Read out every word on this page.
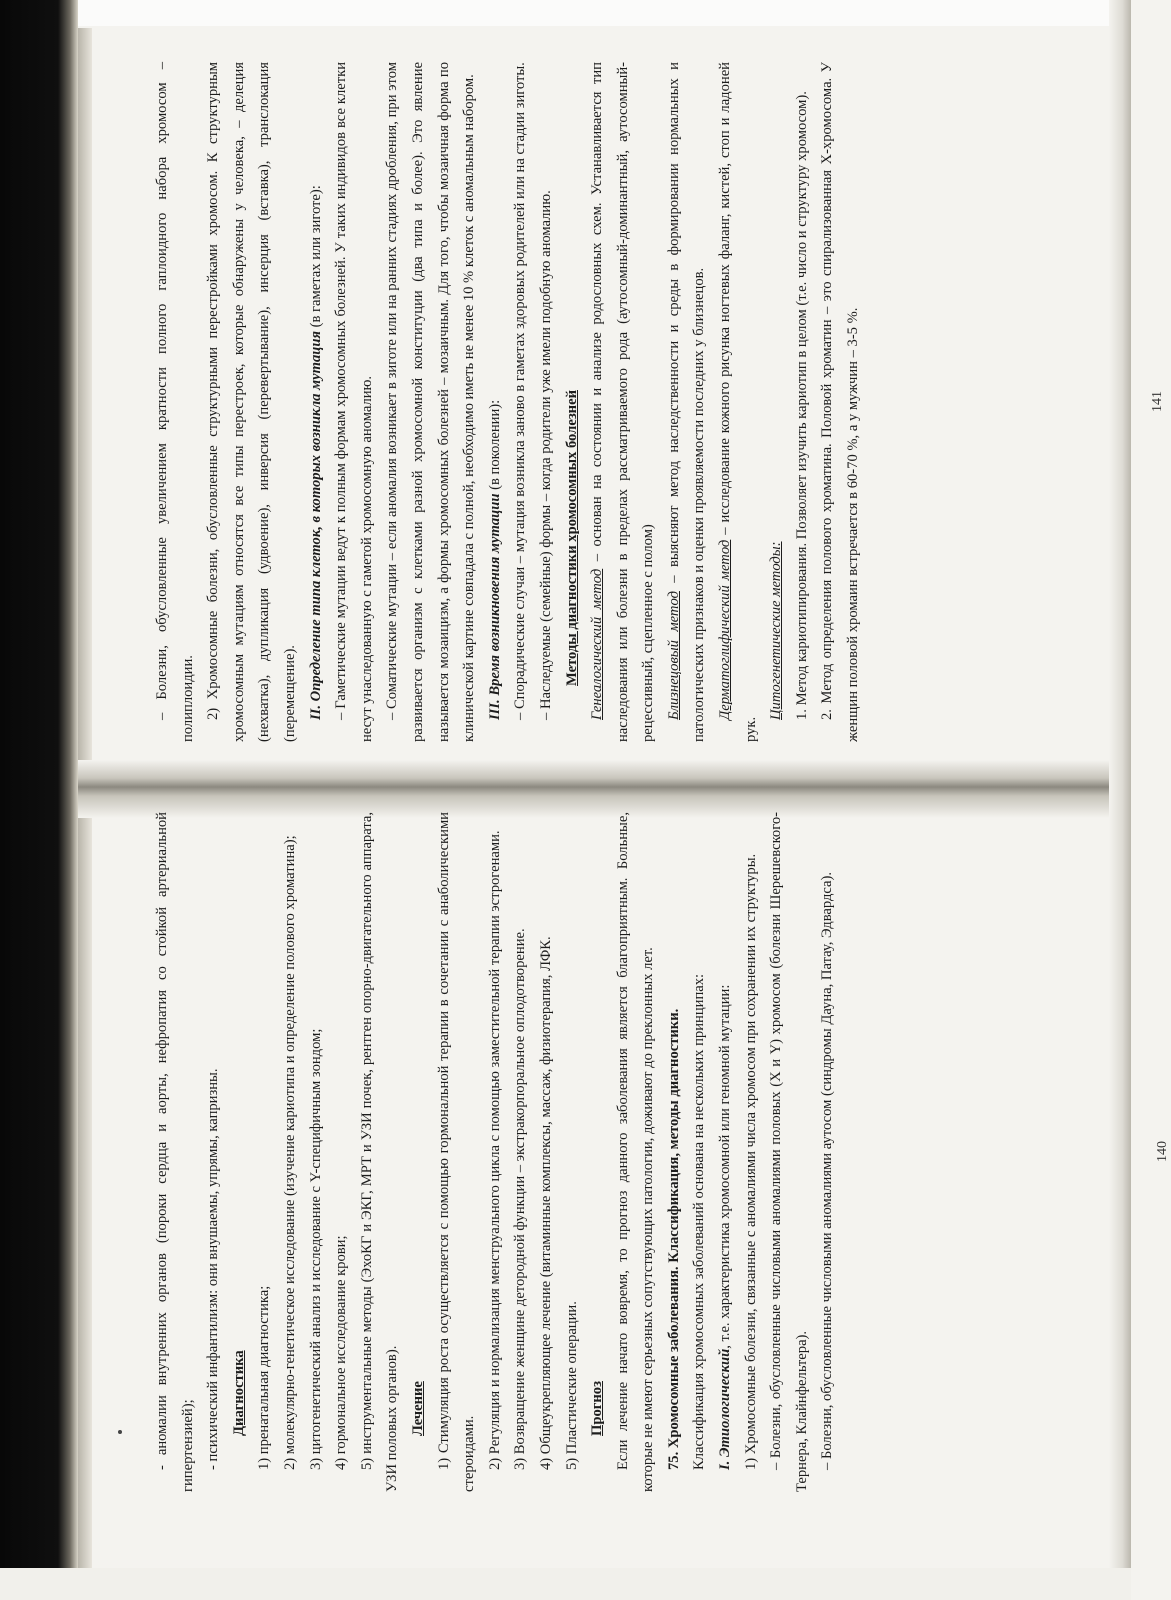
– Болезни, обусловленные увеличением кратности полного гаплоидного набора хромосом – полиплоидии. 2) Хромосомные болезни, обусловленные структурными перестройками хромосом. К структурным хромосомным мутациям относятся все типы перестроек, которые обнаружены у человека, – делеция (нехватка), дупликация (удвоение), инверсия (перевертывание), инсерция (вставка), транслокация (перемещение). II. Определение типа клеток, в которых возникла мутация (в гаметах или зиготе): – Гаметические мутации ведут к полным формам хромосомных болезней. У таких индивидов все клетки несут унаследованную с гаметой хромосомную аномалию. – Соматические мутации – если аномалия возникает в зиготе или на ранних стадиях дробления, при этом развивается организм с клетками разной хромосомной конституции (два типа и более). Это явление называется мозаицизм, а формы хромосомных болезней – мозаичным. Для того, чтобы мозаичная форма по клинической картине совпадала с полной, необходимо иметь не менее 10 % клеток с аномальным набором. III. Время возникновения мутации (в поколении): – Спорадические случаи – мутация возникла заново в гаметах здоровых родителей или на стадии зиготы. – Наследуемые (семейные) формы – когда родители уже имели подобную аномалию. Методы диагностики хромосомных болезней Генеалогический метод – основан на состоянии и анализе родословных схем. Устанавливается тип наследования или болезни в пределах рассматриваемого рода (аутосомный-доминантный, аутосомный-рецессивный, сцепленное с полом) Близнецовый метод – выясняют метод наследственности и среды в формировании нормальных и патологических признаков и оценки проявляемости последних у близнецов. Дерматоглифический метод – исследование кожного рисунка ногтевых фаланг, кистей, стоп и ладоней рук.

Цитогенетические методы: 1. Метод кариотипирования. Позволяет изучить кариотип в целом (т.е. число и структуру хромосом). 2. Метод определения полового хроматина. Половой хроматин – это спирализованная X-хромосома. У женщин половой хромаин встречается в 60-70 %, а у мужчин – 3-5 %.	141

- аномалии внутренних органов (пороки сердца и аорты, нефропатия со стойкой артериальной гипертензией); - психический инфантилизм: они внушаемы, упрямы, капризны. Диагностика 1) пренатальная диагностика; 2) молекулярно-генетическое исследование (изучение кариотипа и определение полового хроматина); 3) цитогенетический анализ и исследование с Y-специфичным зондом; 4) гормональное исследование крови; 5) инструментальные методы (ЭхоКГ и ЭКГ, МРТ и УЗИ почек, рентген опорно-двигательного аппарата, УЗИ половых органов). Лечение 1) Стимуляция роста осуществляется с помощью гормональной терапии в сочетании с анаболическими стероидами. 2) Регуляция и нормализация менструального цикла с помощью заместительной терапии эстрогенами. 3) Возвращение женщине детородной функции – экстракорпоральное оплодотворение. 4) Общеукрепляющее лечение (витаминные комплексы, массаж, физиотерапия, ЛФК. 5) Пластические операции. Прогноз Если лечение начато вовремя, то прогноз данного заболевания является благоприятным. Больные, которые не имеют серьезных сопутствующих патологии, доживают до преклонных лет. 75. Хромосомные заболевания. Классификация, методы диагностики. Классификация хромосомных заболеваний основана на нескольких принципах: I. Этиологический, т.е. характеристика хромосомной или геномной мутации: 1) Хромосомные болезни, связанные с аномалиями числа хромосом при сохранении их структуры. – Болезни, обусловленные числовыми аномалиями половых (X и Y) хромосом (болезни Шерешевского-Тернера, Клайнфельтера). – Болезни, обусловленные числовыми аномалиями аутосом (синдромы Дауна, Патау, Эдвардса).	140
